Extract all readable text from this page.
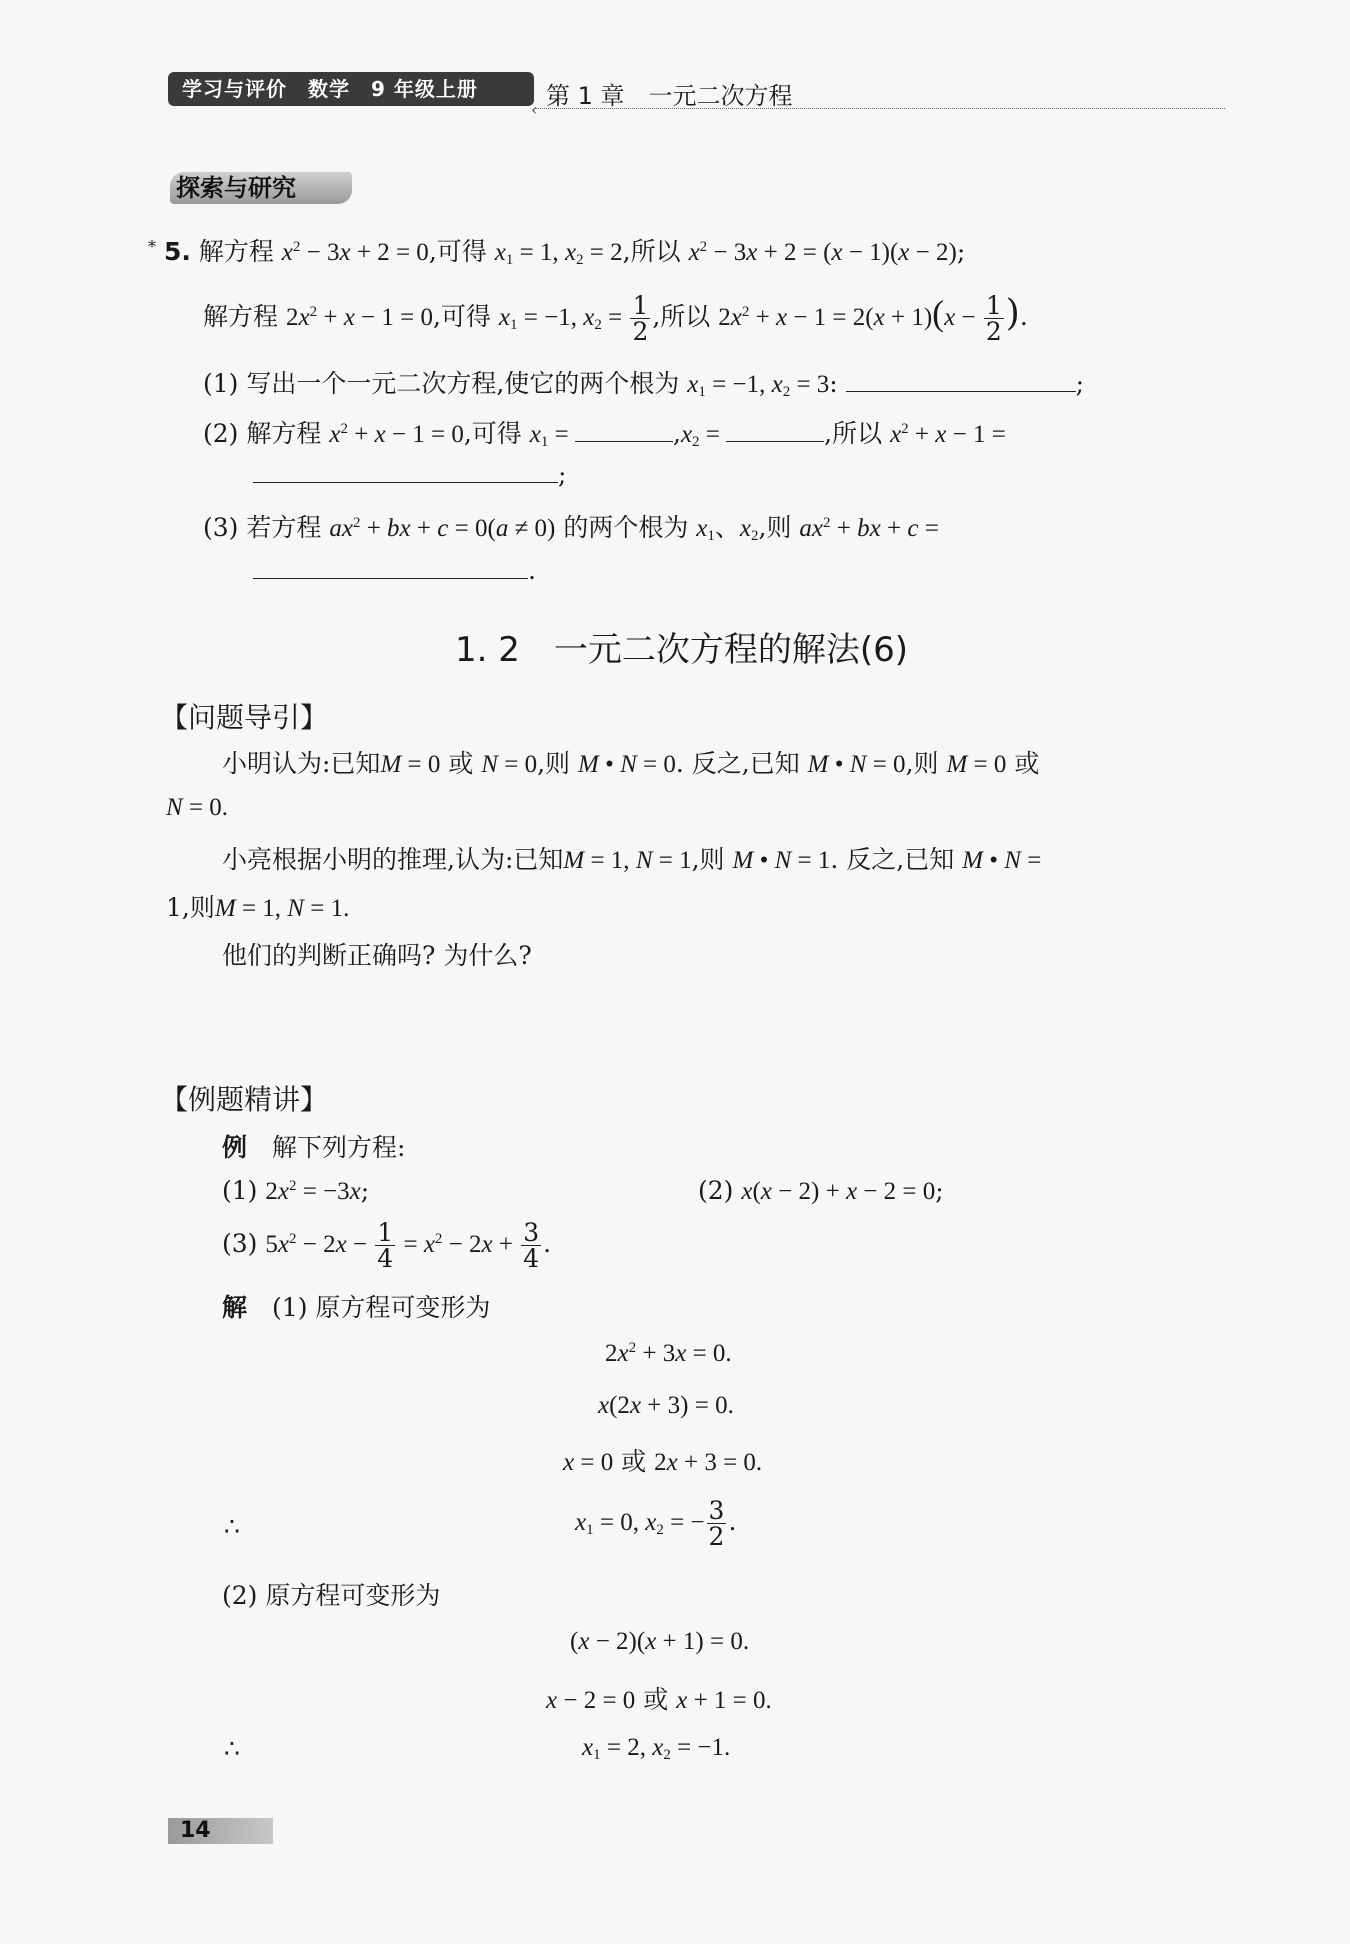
学习与评价　数学　9 年级上册	第 1 章　一元二次方程
‹
探索与研究
* 5. 解方程 $x^2 - 3x + 2 = 0$,可得 $x_1 = 1$, $x_2 = 2$,所以 $x^2 - 3x + 2 = (x - 1)(x - 2)$;
解方程 $2x^2 + x - 1 = 0$,可得 $x_1 = -1$, $x_2 = \frac{1}{2}$ ,所以 $2x^2 + x - 1 = 2(x + 1)(x - \frac{1}{2}$ ).
(1) 写出一个一元二次方程,使它的两个根为 $x_1 = -1$, $x_2 = 3$:	;
(2) 解方程 $x^2 + x - 1 = 0$,可得 $x_1$ =	$,x_2$ =	,所以 $x^2 + x - 1$ =
;
(3) 若方程 $ax^2$ + bx + c = 0(a ≠ 0) 的两个根为 $x_1$、$x_2$,则 $ax^2$ + bx + c =
.
1. 2　一元二次方程的解法(6)
【问题导引】
小明认为:已知M = 0 或 N = 0,则 M • N = 0. 反之,已知 M • N = 0,则 M = 0 或
N = 0.
小亮根据小明的推理,认为:已知M = 1, N = 1,则 M • N = 1. 反之,已知 M • N =
1,则M = 1, N = 1.
他们的判断正确吗? 为什么?
【例题精讲】
例　 解下列方程:
(1) $2x^2 = -3x$;	(2) x(x − 2) + x − 2 = 0;
(3) $5x^2 - 2x - \frac{1}{4} = x^2 - 2x + \frac{3}{4}$ .
解　 (1) 原方程可变形为
$2x^2 + 3x = 0$.
x(2x + 3) = 0.
x = 0 或 2x + 3 = 0.
∴	$x_1 = 0$, $x_2$ = − $\frac{3}{2}$ .
(2) 原方程可变形为
(x − 2)(x + 1) = 0.
x − 2 = 0 或 x + 1 = 0.
∴	$x_1 = 2$, $x_2 = -1$.
14
